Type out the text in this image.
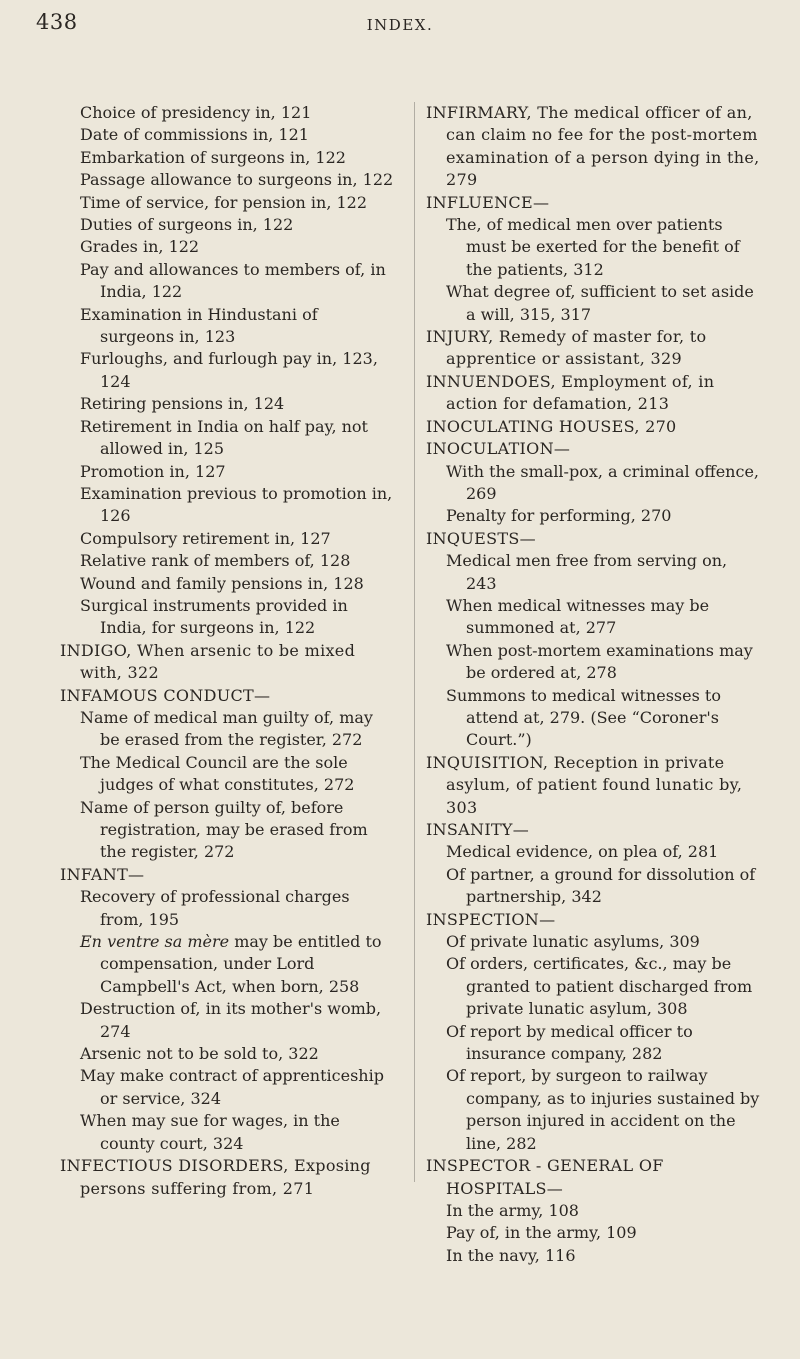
438	INDEX.
Choice of presidency in, 121
Date of commissions in, 121
Embarkation of surgeons in, 122
Passage allowance to surgeons in, 122
Time of service, for pension in, 122
Duties of surgeons in, 122
Grades in, 122
Pay and allowances to members of, in India, 122
Examination in Hindustani of surgeons in, 123
Furloughs, and furlough pay in, 123, 124
Retiring pensions in, 124
Retirement in India on half pay, not allowed in, 125
Promotion in, 127
Examination previous to promotion in, 126
Compulsory retirement in, 127
Relative rank of members of, 128
Wound and family pensions in, 128
Surgical instruments provided in India, for surgeons in, 122
INDIGO, When arsenic to be mixed with, 322
INFAMOUS CONDUCT—
Name of medical man guilty of, may be erased from the register, 272
The Medical Council are the sole judges of what constitutes, 272
Name of person guilty of, before registration, may be erased from the register, 272
INFANT—
Recovery of professional charges from, 195
En ventre sa mère may be entitled to compensation, under Lord Campbell's Act, when born, 258
Destruction of, in its mother's womb, 274
Arsenic not to be sold to, 322
May make contract of apprenticeship or service, 324
When may sue for wages, in the county court, 324
INFECTIOUS DISORDERS, Exposing persons suffering from, 271
INFIRMARY, The medical officer of an, can claim no fee for the post-mortem examination of a person dying in the, 279
INFLUENCE—
The, of medical men over patients must be exerted for the benefit of the patients, 312
What degree of, sufficient to set aside a will, 315, 317
INJURY, Remedy of master for, to apprentice or assistant, 329
INNUENDOES, Employment of, in action for defamation, 213
INOCULATING HOUSES, 270
INOCULATION—
With the small-pox, a criminal offence, 269
Penalty for performing, 270
INQUESTS—
Medical men free from serving on, 243
When medical witnesses may be summoned at, 277
When post-mortem examinations may be ordered at, 278
Summons to medical witnesses to attend at, 279. (See “Coroner's Court.”)
INQUISITION, Reception in private asylum, of patient found lunatic by, 303
INSANITY—
Medical evidence, on plea of, 281
Of partner, a ground for dissolution of partnership, 342
INSPECTION—
Of private lunatic asylums, 309
Of orders, certificates, &c., may be granted to patient discharged from private lunatic asylum, 308
Of report by medical officer to insurance company, 282
Of report, by surgeon to railway company, as to injuries sustained by person injured in accident on the line, 282
INSPECTOR - GENERAL OF HOSPITALS—
In the army, 108
Pay of, in the army, 109
In the navy, 116
